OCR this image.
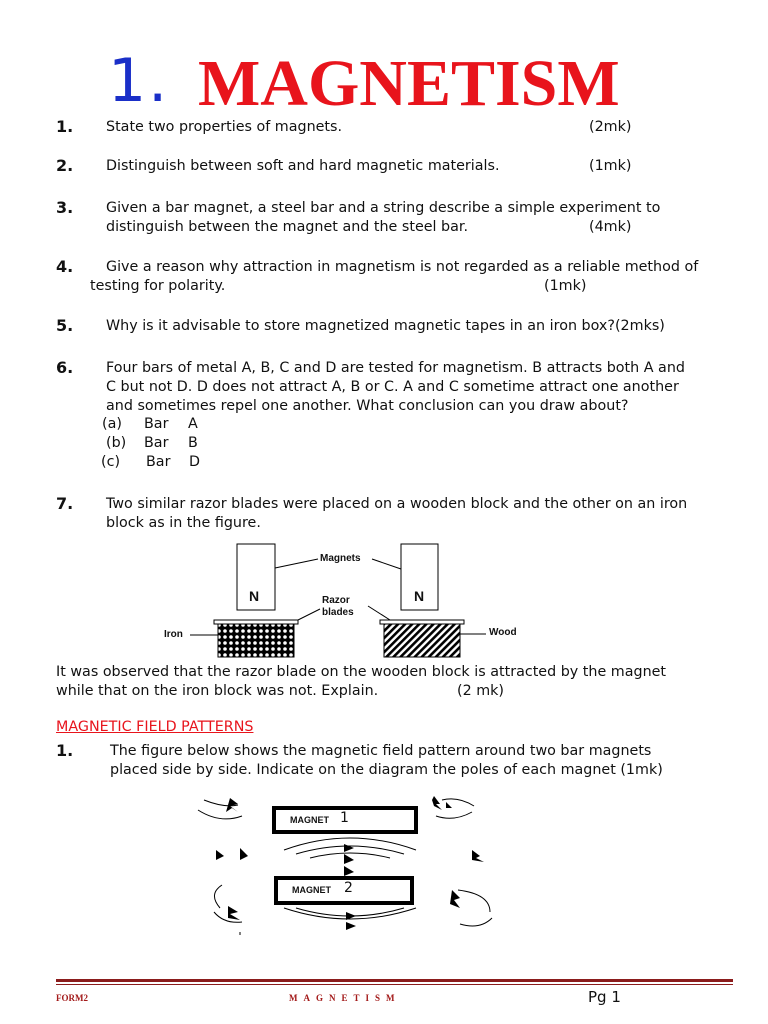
1. MAGNETISM
1. State two properties of magnets.	(2mk)
2. Distinguish between soft and hard magnetic materials.	(1mk)
3. Given a bar magnet, a steel bar and a string describe a simple experiment to
distinguish between the magnet and the steel bar.	(4mk)
4. Give a reason why attraction in magnetism is not regarded as a reliable method of
testing for polarity.	(1mk)
5. Why is it advisable to store magnetized magnetic tapes in an iron box?(2mks)
6. Four bars of metal A, B, C and D are tested for magnetism. B attracts both A and
C but not D. D does not attract A, B or C. A and C sometime attract one another
and sometimes repel one another. What conclusion can you draw about?
(a) Bar A
(b) Bar B
(c) Bar D
7. Two similar razor blades were placed on a wooden block and the other on an iron
block as in the figure.
Magnets
Razor
blades
Iron	Wood
N	N
It was observed that the razor blade on the wooden block is attracted by the magnet
while that on the iron block was not. Explain.	(2 mk)
MAGNETIC FIELD PATTERNS
1.	The figure below shows the magnetic field pattern around two bar magnets
placed side by side. Indicate on the diagram the poles of each magnet (1mk)
MAGNET 1
MAGNET 2
FORM2	MAGNETISM	Pg 1
